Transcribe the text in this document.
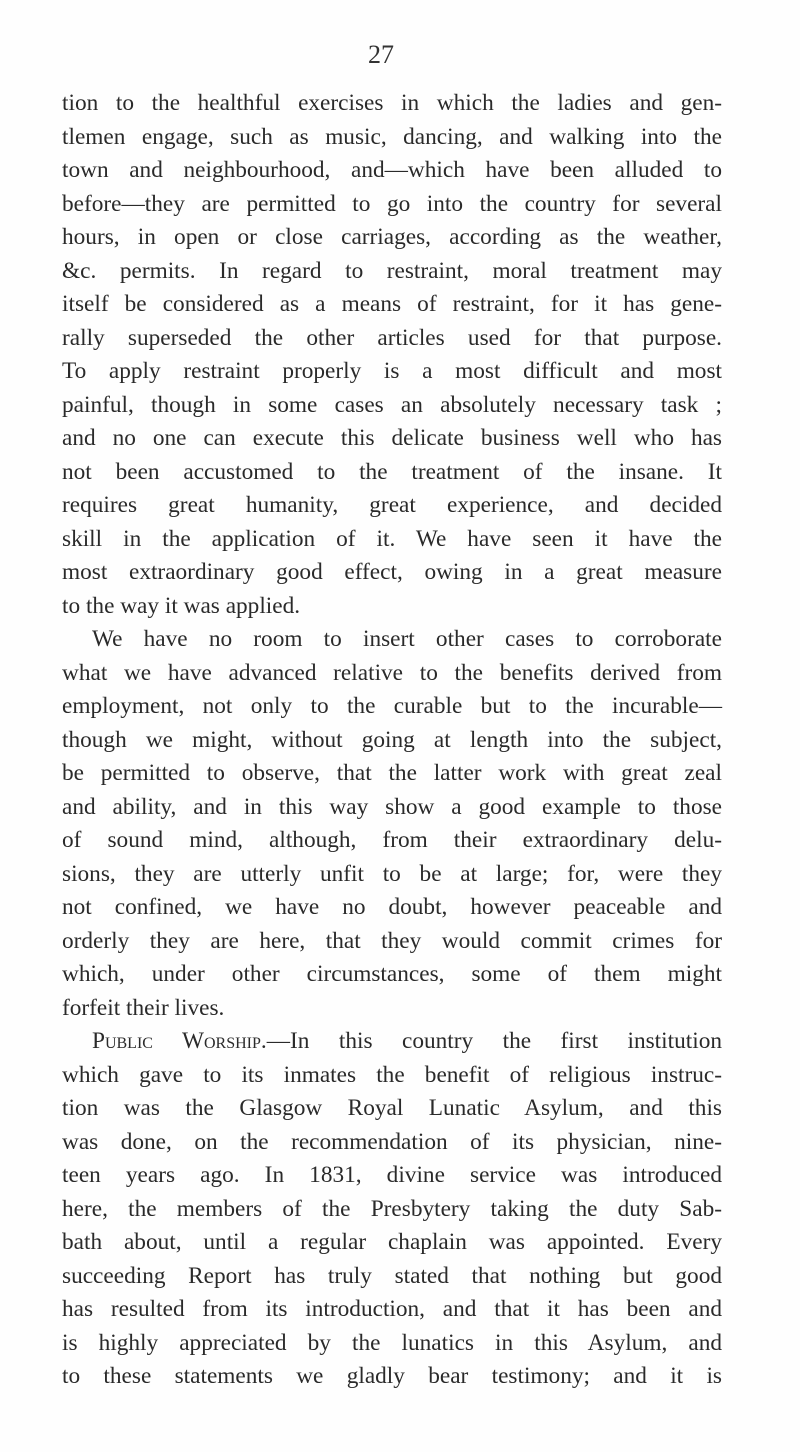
27
tion to the healthful exercises in which the ladies and gen-
tlemen engage, such as music, dancing, and walking into the
town and neighbourhood, and—which have been alluded to
before—they are permitted to go into the country for several
hours, in open or close carriages, according as the weather,
&c. permits. In regard to restraint, moral treatment may
itself be considered as a means of restraint, for it has gene-
rally superseded the other articles used for that purpose.
To apply restraint properly is a most difficult and most
painful, though in some cases an absolutely necessary task ;
and no one can execute this delicate business well who has
not been accustomed to the treatment of the insane. It
requires great humanity, great experience, and decided
skill in the application of it. We have seen it have the
most extraordinary good effect, owing in a great measure
to the way it was applied.
We have no room to insert other cases to corroborate
what we have advanced relative to the benefits derived from
employment, not only to the curable but to the incurable—
though we might, without going at length into the subject,
be permitted to observe, that the latter work with great zeal
and ability, and in this way show a good example to those
of sound mind, although, from their extraordinary delu-
sions, they are utterly unfit to be at large; for, were they
not confined, we have no doubt, however peaceable and
orderly they are here, that they would commit crimes for
which, under other circumstances, some of them might
forfeit their lives.
Public Worship.—In this country the first institution
which gave to its inmates the benefit of religious instruc-
tion was the Glasgow Royal Lunatic Asylum, and this
was done, on the recommendation of its physician, nine-
teen years ago. In 1831, divine service was introduced
here, the members of the Presbytery taking the duty Sab-
bath about, until a regular chaplain was appointed. Every
succeeding Report has truly stated that nothing but good
has resulted from its introduction, and that it has been and
is highly appreciated by the lunatics in this Asylum, and
to these statements we gladly bear testimony; and it is
